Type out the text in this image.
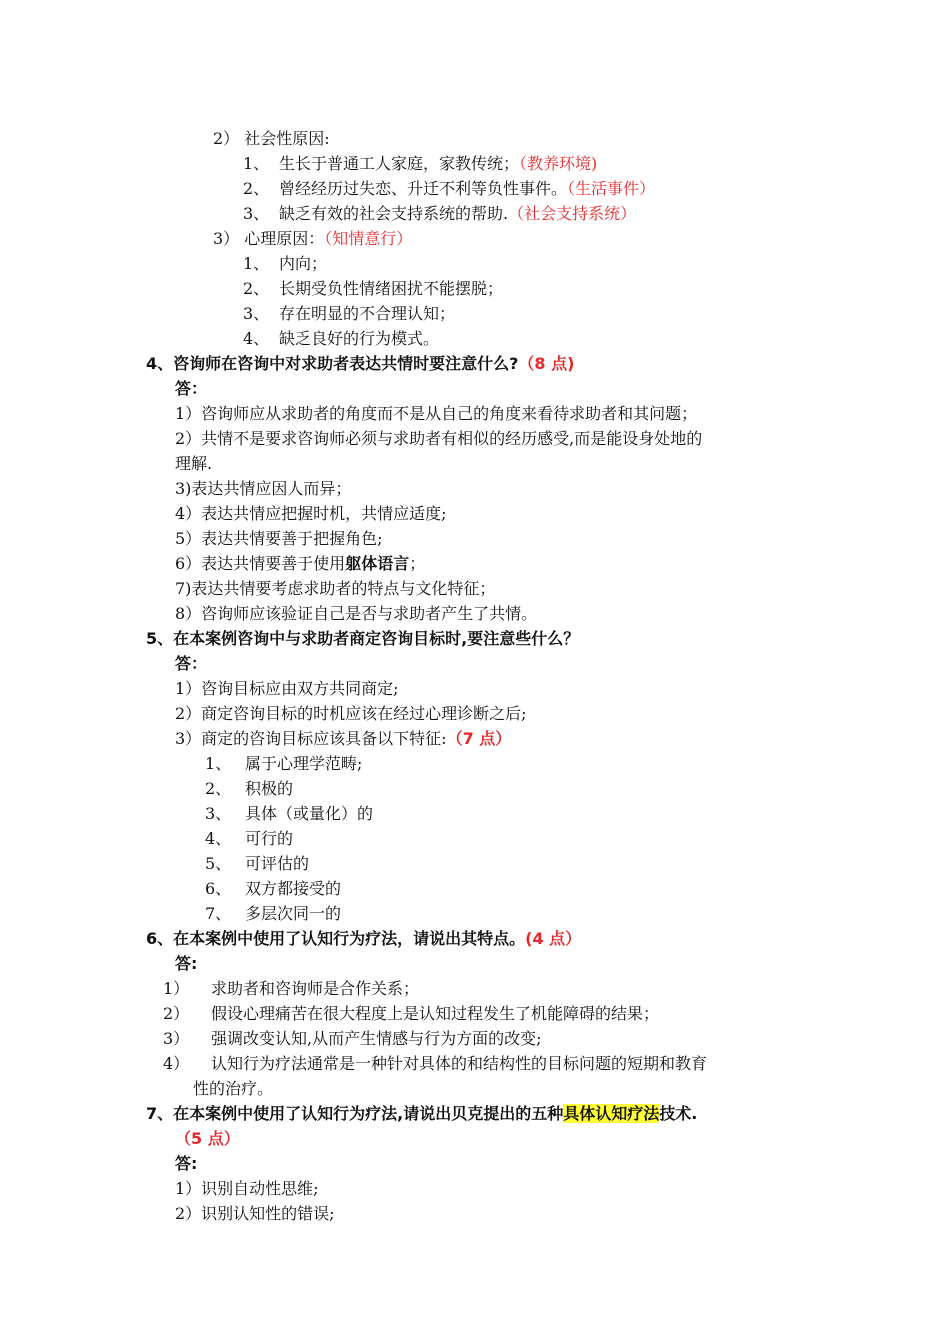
2） 社会性原因:
1、 生长于普通工人家庭，家教传统；（教养环境)
2、 曾经经历过失恋、升迁不利等负性事件。（生活事件）
3、 缺乏有效的社会支持系统的帮助.（社会支持系统）
3） 心理原因：（知情意行）
1、 内向；
2、 长期受负性情绪困扰不能摆脱；
3、 存在明显的不合理认知；
4、 缺乏良好的行为模式。
4、咨询师在咨询中对求助者表达共情时要注意什么?（8 点)
答：
1）咨询师应从求助者的角度而不是从自己的角度来看待求助者和其问题；
2）共情不是要求咨询师必须与求助者有相似的经历感受,而是能设身处地的
理解.
3)表达共情应因人而异；
4）表达共情应把握时机，共情应适度;
5）表达共情要善于把握角色;
6）表达共情要善于使用躯体语言；
7)表达共情要考虑求助者的特点与文化特征；
8）咨询师应该验证自己是否与求助者产生了共情。
5、在本案例咨询中与求助者商定咨询目标时,要注意些什么？
答：
1）咨询目标应由双方共同商定;
2）商定咨询目标的时机应该在经过心理诊断之后;
3）商定的咨询目标应该具备以下特征:（7 点）
1、 属于心理学范畴;
2、 积极的
3、 具体（或量化）的
4、 可行的
5、 可评估的
6、 双方都接受的
7、 多层次同一的
6、在本案例中使用了认知行为疗法，请说出其特点。(4 点）
答:
1） 求助者和咨询师是合作关系；
2） 假设心理痛苦在很大程度上是认知过程发生了机能障碍的结果；
3） 强调改变认知,从而产生情感与行为方面的改变;
4） 认知行为疗法通常是一种针对具体的和结构性的目标问题的短期和教育
性的治疗。
7、在本案例中使用了认知行为疗法,请说出贝克提出的五种具体认知疗法技术.
（5 点）
答:
1）识别自动性思维;
2）识别认知性的错误;
